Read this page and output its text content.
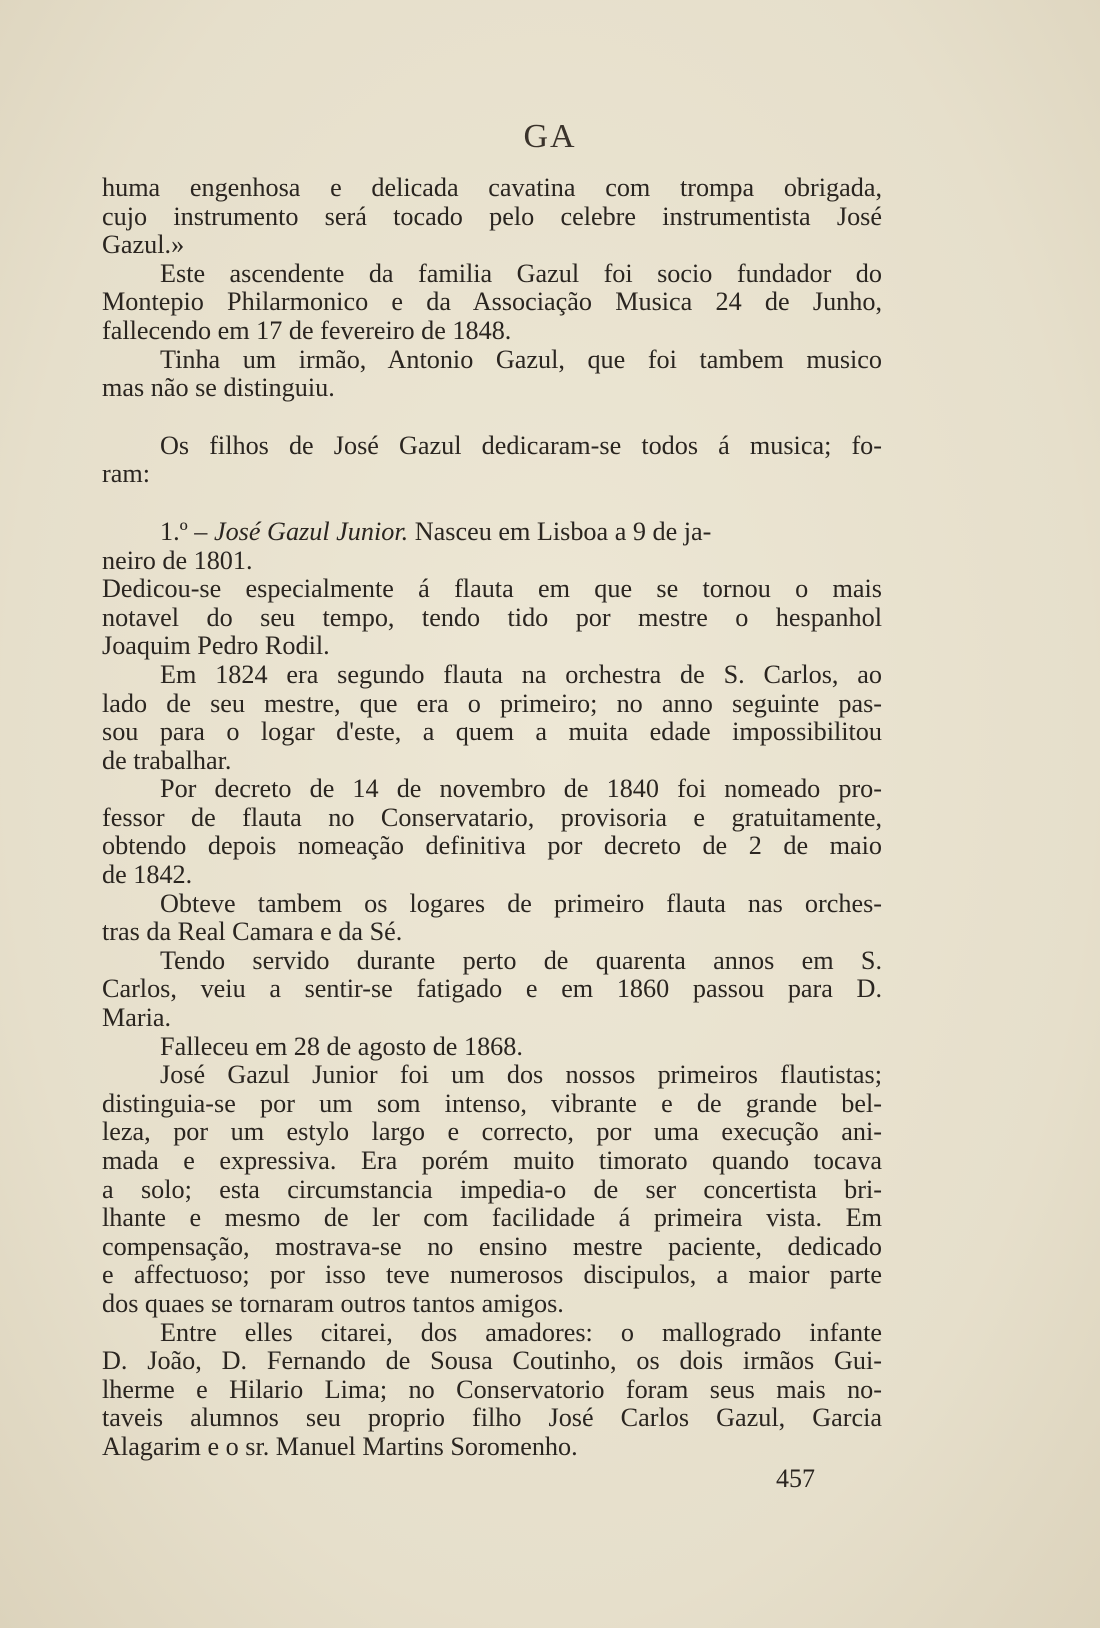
GA
huma engenhosa e delicada cavatina com trompa obrigada,
cujo instrumento será tocado pelo celebre instrumentista José
Gazul.»
Este ascendente da familia Gazul foi socio fundador do
Montepio Philarmonico e da Associação Musica 24 de Junho,
fallecendo em 17 de fevereiro de 1848.
Tinha um irmão, Antonio Gazul, que foi tambem musico
mas não se distinguiu.
Os filhos de José Gazul dedicaram-se todos á musica; fo-
ram:
1.º – José Gazul Junior. Nasceu em Lisboa a 9 de ja-
neiro de 1801.
Dedicou-se especialmente á flauta em que se tornou o mais
notavel do seu tempo, tendo tido por mestre o hespanhol
Joaquim Pedro Rodil.
Em 1824 era segundo flauta na orchestra de S. Carlos, ao
lado de seu mestre, que era o primeiro; no anno seguinte pas-
sou para o logar d'este, a quem a muita edade impossibilitou
de trabalhar.
Por decreto de 14 de novembro de 1840 foi nomeado pro-
fessor de flauta no Conservatario, provisoria e gratuitamente,
obtendo depois nomeação definitiva por decreto de 2 de maio
de 1842.
Obteve tambem os logares de primeiro flauta nas orches-
tras da Real Camara e da Sé.
Tendo servido durante perto de quarenta annos em S.
Carlos, veiu a sentir-se fatigado e em 1860 passou para D.
Maria.
Falleceu em 28 de agosto de 1868.
José Gazul Junior foi um dos nossos primeiros flautistas;
distinguia-se por um som intenso, vibrante e de grande bel-
leza, por um estylo largo e correcto, por uma execução ani-
mada e expressiva. Era porém muito timorato quando tocava
a solo; esta circumstancia impedia-o de ser concertista bri-
lhante e mesmo de ler com facilidade á primeira vista. Em
compensação, mostrava-se no ensino mestre paciente, dedicado
e affectuoso; por isso teve numerosos discipulos, a maior parte
dos quaes se tornaram outros tantos amigos.
Entre elles citarei, dos amadores: o mallogrado infante
D. João, D. Fernando de Sousa Coutinho, os dois irmãos Gui-
lherme e Hilario Lima; no Conservatorio foram seus mais no-
taveis alumnos seu proprio filho José Carlos Gazul, Garcia
Alagarim e o sr. Manuel Martins Soromenho.
457
